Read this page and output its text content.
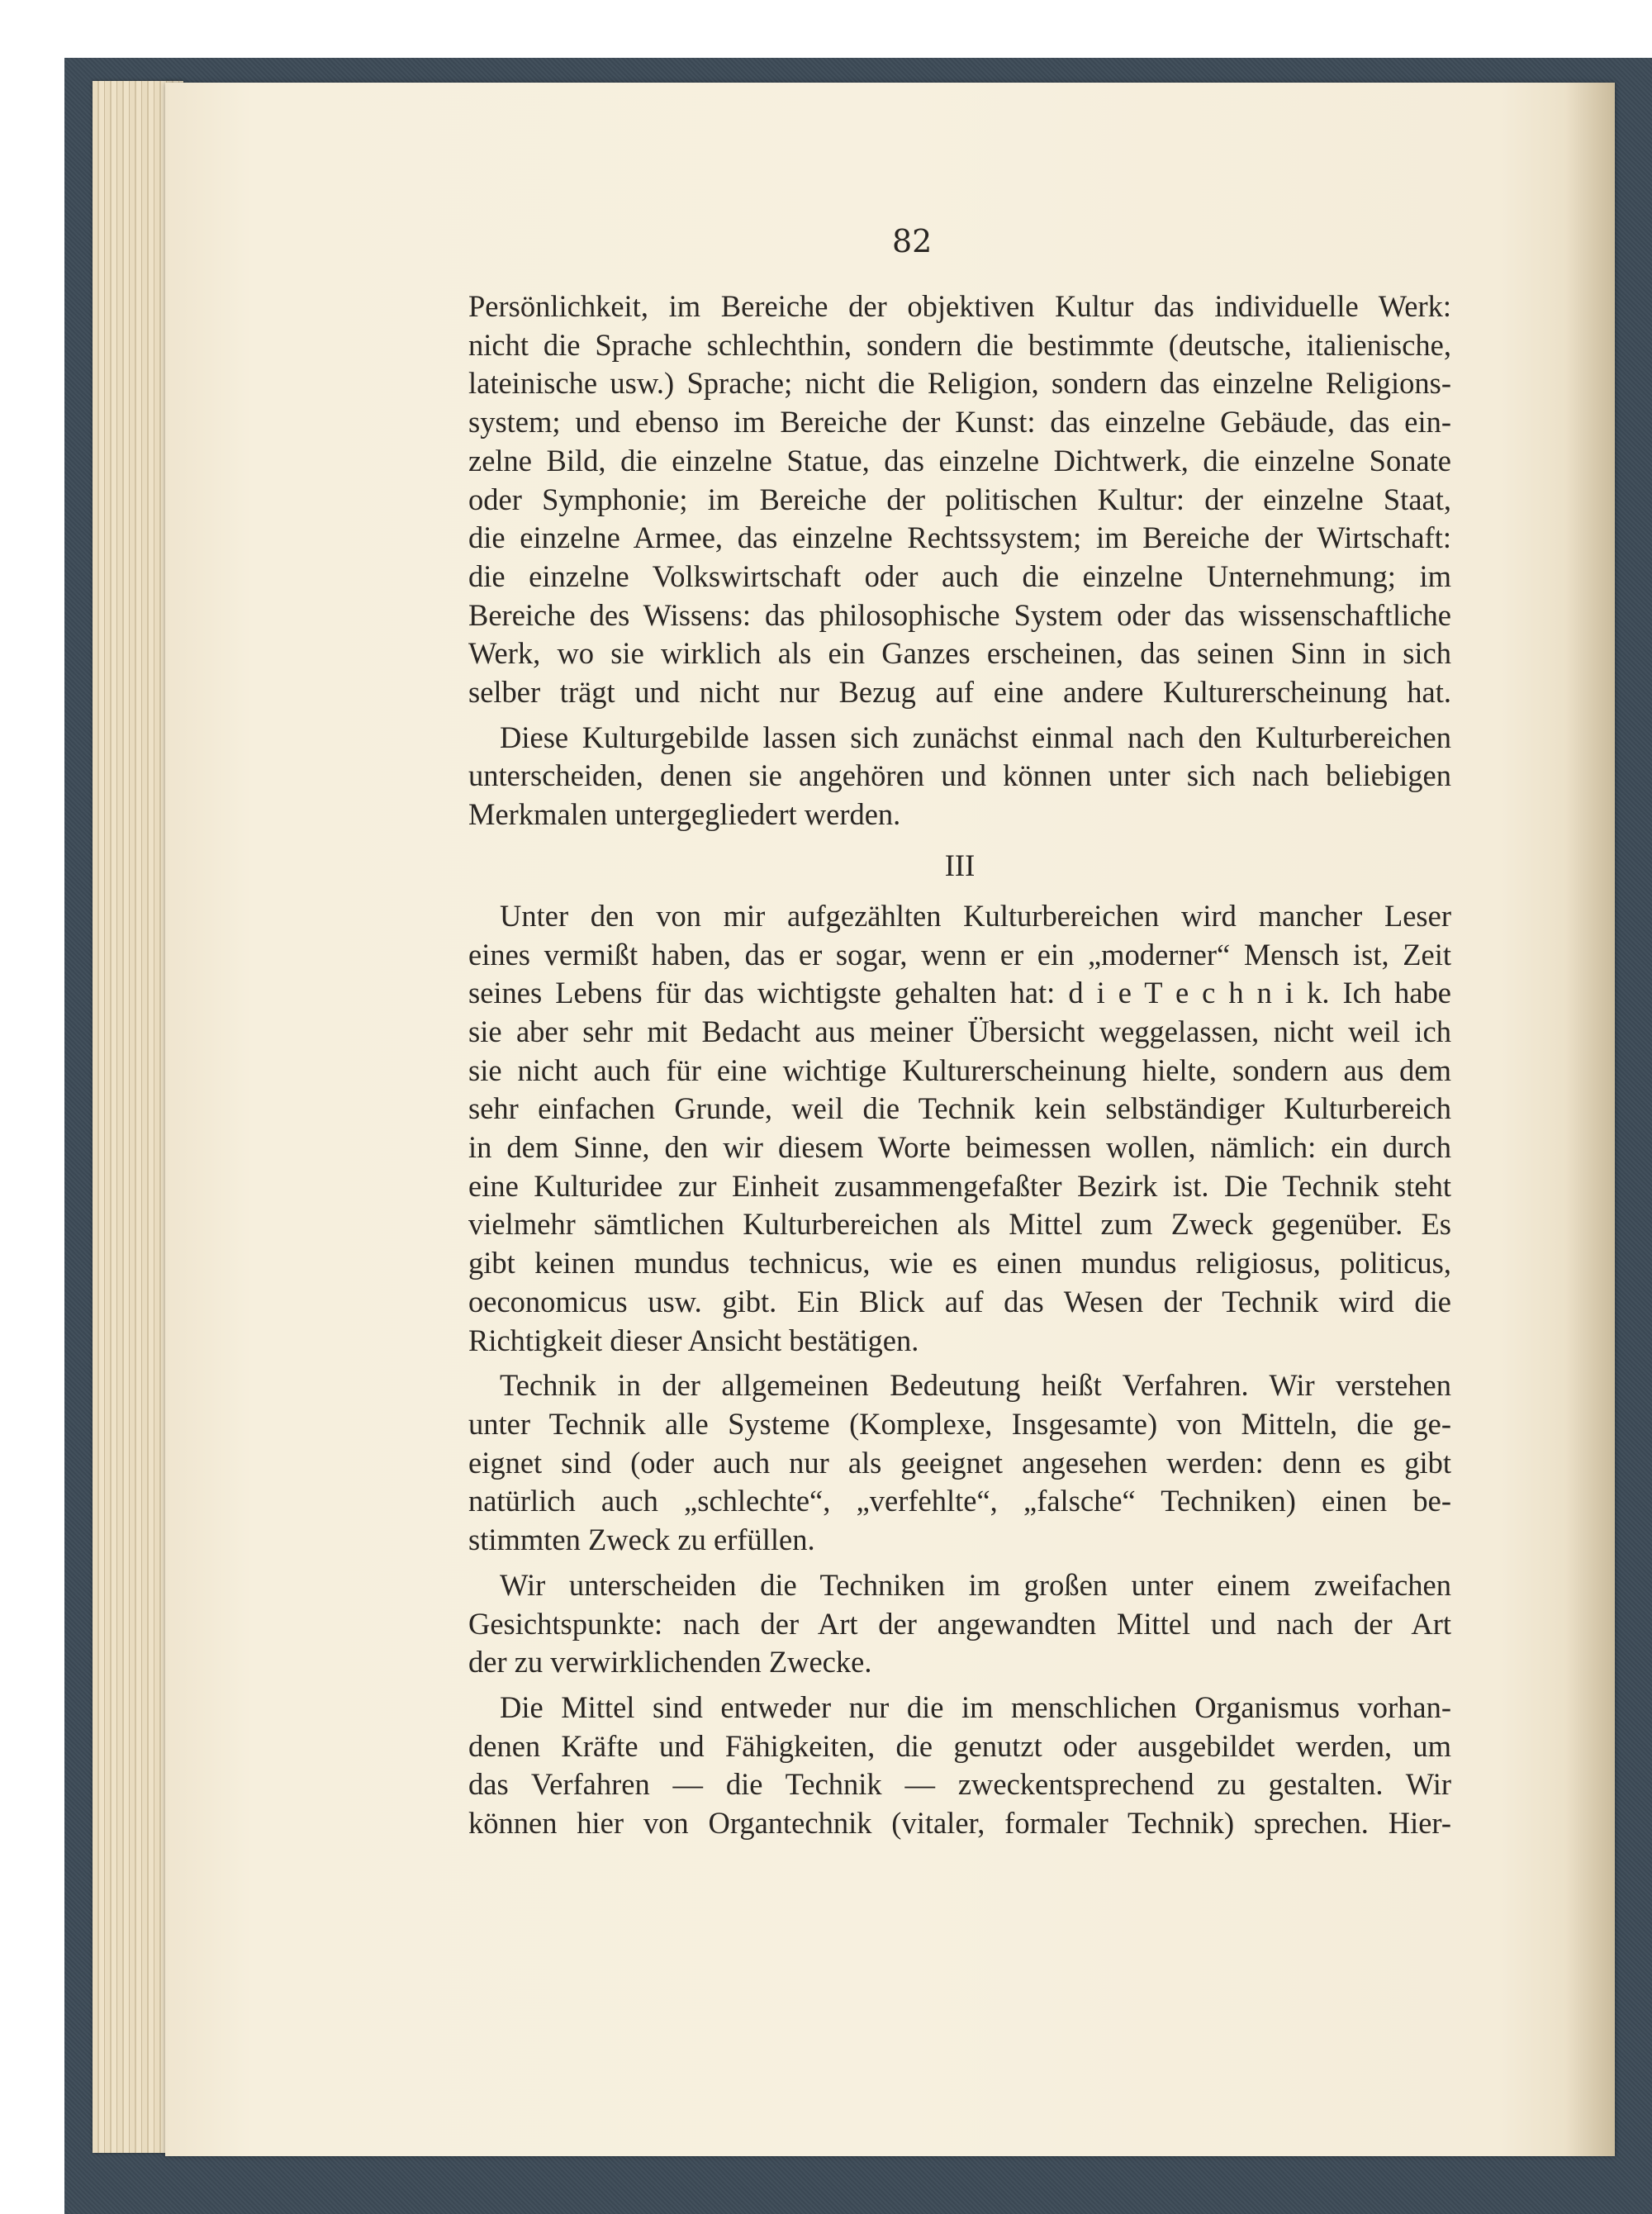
82
Persönlichkeit, im Bereiche der objektiven Kultur das individuelle Werk:
nicht die Sprache schlechthin, sondern die bestimmte (deutsche, italienische,
lateinische usw.) Sprache; nicht die Religion, sondern das einzelne Religions-
system; und ebenso im Bereiche der Kunst: das einzelne Gebäude, das ein-
zelne Bild, die einzelne Statue, das einzelne Dichtwerk, die einzelne Sonate
oder Symphonie; im Bereiche der politischen Kultur: der einzelne Staat,
die einzelne Armee, das einzelne Rechtssystem; im Bereiche der Wirtschaft:
die einzelne Volkswirtschaft oder auch die einzelne Unternehmung; im
Bereiche des Wissens: das philosophische System oder das wissenschaftliche
Werk, wo sie wirklich als ein Ganzes erscheinen, das seinen Sinn in sich
selber trägt und nicht nur Bezug auf eine andere Kulturerscheinung hat.
Diese Kulturgebilde lassen sich zunächst einmal nach den Kulturbereichen
unterscheiden, denen sie angehören und können unter sich nach beliebigen
Merkmalen untergegliedert werden.
III
Unter den von mir aufgezählten Kulturbereichen wird mancher Leser
eines vermißt haben, das er sogar, wenn er ein „moderner“ Mensch ist, Zeit
seines Lebens für das wichtigste gehalten hat: d i e T e c h n i k. Ich habe
sie aber sehr mit Bedacht aus meiner Übersicht weggelassen, nicht weil ich
sie nicht auch für eine wichtige Kulturerscheinung hielte, sondern aus dem
sehr einfachen Grunde, weil die Technik kein selbständiger Kulturbereich
in dem Sinne, den wir diesem Worte beimessen wollen, nämlich: ein durch
eine Kulturidee zur Einheit zusammengefaßter Bezirk ist. Die Technik steht
vielmehr sämtlichen Kulturbereichen als Mittel zum Zweck gegenüber. Es
gibt keinen mundus technicus, wie es einen mundus religiosus, politicus,
oeconomicus usw. gibt. Ein Blick auf das Wesen der Technik wird die
Richtigkeit dieser Ansicht bestätigen.
Technik in der allgemeinen Bedeutung heißt Verfahren. Wir verstehen
unter Technik alle Systeme (Komplexe, Insgesamte) von Mitteln, die ge-
eignet sind (oder auch nur als geeignet angesehen werden: denn es gibt
natürlich auch „schlechte“, „verfehlte“, „falsche“ Techniken) einen be-
stimmten Zweck zu erfüllen.
Wir unterscheiden die Techniken im großen unter einem zweifachen
Gesichtspunkte: nach der Art der angewandten Mittel und nach der Art
der zu verwirklichenden Zwecke.
Die Mittel sind entweder nur die im menschlichen Organismus vorhan-
denen Kräfte und Fähigkeiten, die genutzt oder ausgebildet werden, um
das Verfahren — die Technik — zweckentsprechend zu gestalten. Wir
können hier von Organtechnik (vitaler, formaler Technik) sprechen. Hier-
